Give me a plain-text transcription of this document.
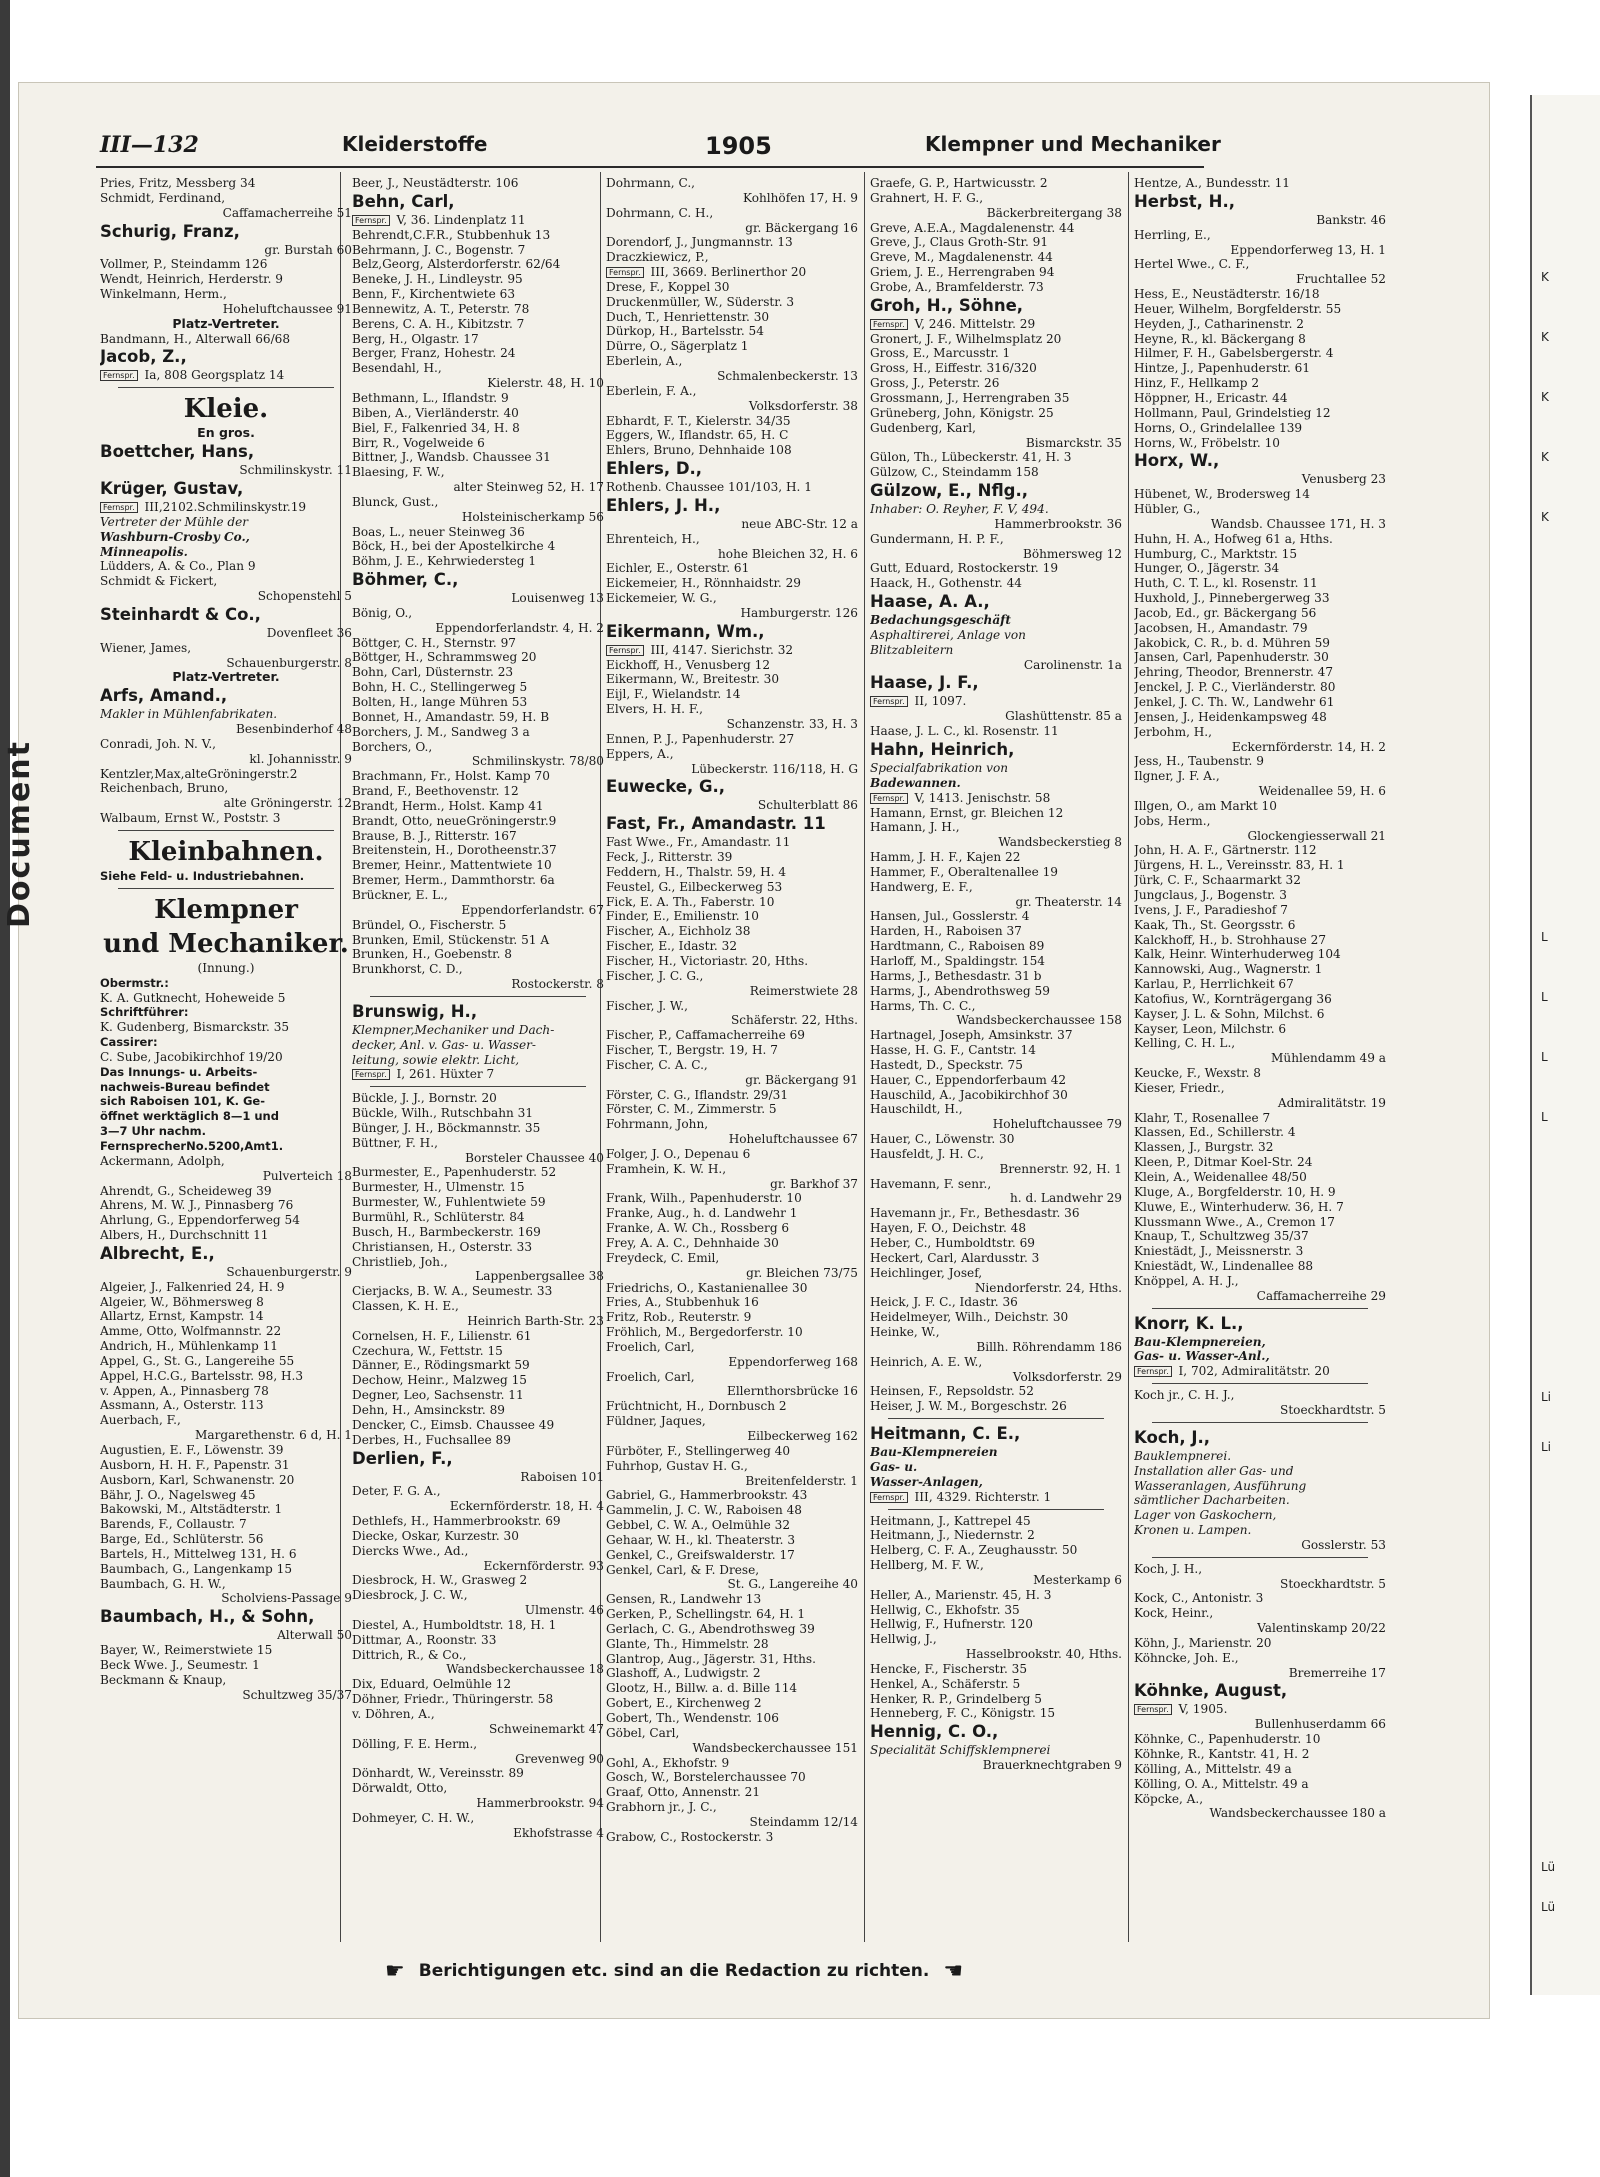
Document
III—132	Kleiderstoffe	1905	Klempner und Mechaniker
Pries, Fritz, Messberg 34
Schmidt, Ferdinand,
Caffamacherreihe 51
Schurig, Franz,
gr. Burstah 60
Vollmer, P., Steindamm 126
Wendt, Heinrich, Herderstr. 9
Winkelmann, Herm.,
Hoheluftchaussee 91
Platz-Vertreter.
Bandmann, H., Alterwall 66/68
Jacob, Z.,
Fernspr. Ia, 808 Georgsplatz 14
Kleie.
En gros.
Boettcher, Hans,
Schmilinskystr. 11
Krüger, Gustav,
Fernspr. III,2102.Schmilinskystr.19
Vertreter der Mühle der
Washburn-Crosby Co.,
Minneapolis.
Lüdders, A. & Co., Plan 9
Schmidt & Fickert,
Schopenstehl 5
Steinhardt & Co.,
Dovenfleet 36
Wiener, James,
Schauenburgerstr. 8
Platz-Vertreter.
Arfs, Amand.,
Makler in Mühlenfabrikaten.
Besenbinderhof 48
Conradi, Joh. N. V.,
kl. Johannisstr. 9
Kentzler,Max,alteGröningerstr.2
Reichenbach, Bruno,
alte Gröningerstr. 12
Walbaum, Ernst W., Poststr. 3
Kleinbahnen.
Siehe Feld- u. Industriebahnen.
Klempner
und Mechaniker.
(Innung.)
Obermstr.:
K. A. Gutknecht, Hoheweide 5
Schriftführer:
K. Gudenberg, Bismarckstr. 35
Cassirer:
C. Sube, Jacobikirchhof 19/20
Das Innungs- u. Arbeits-
nachweis-Bureau befindet
sich Raboisen 101, K. Ge-
öffnet werktäglich 8—1 und
3—7 Uhr nachm.
FernsprecherNo.5200,Amt1.
Ackermann, Adolph,
Pulverteich 18
Ahrendt, G., Scheideweg 39
Ahrens, M. W. J., Pinnasberg 76
Ahrlung, G., Eppendorferweg 54
Albers, H., Durchschnitt 11
Albrecht, E.,
Schauenburgerstr. 9
Algeier, J., Falkenried 24, H. 9
Algeier, W., Böhmersweg 8
Allartz, Ernst, Kampstr. 14
Amme, Otto, Wolfmannstr. 22
Andrich, H., Mühlenkamp 11
Appel, G., St. G., Langereihe 55
Appel, H.C.G., Bartelsstr. 98, H.3
v. Appen, A., Pinnasberg 78
Assmann, A., Osterstr. 113
Auerbach, F.,
Margarethenstr. 6 d, H. 1
Augustien, E. F., Löwenstr. 39
Ausborn, H. H. F., Papenstr. 31
Ausborn, Karl, Schwanenstr. 20
Bähr, J. O., Nagelsweg 45
Bakowski, M., Altstädterstr. 1
Barends, F., Collaustr. 7
Barge, Ed., Schlüterstr. 56
Bartels, H., Mittelweg 131, H. 6
Baumbach, G., Langenkamp 15
Baumbach, G. H. W.,
Scholviens-Passage 9
Baumbach, H., & Sohn,
Alterwall 50
Bayer, W., Reimerstwiete 15
Beck Wwe. J., Seumestr. 1
Beckmann & Knaup,
Schultzweg 35/37
Beer, J., Neustädterstr. 106
Behn, Carl,
Fernspr. V, 36. Lindenplatz 11
Behrendt,C.F.R., Stubbenhuk 13
Behrmann, J. C., Bogenstr. 7
Belz,Georg, Alsterdorferstr. 62/64
Beneke, J. H., Lindleystr. 95
Benn, F., Kirchentwiete 63
Bennewitz, A. T., Peterstr. 78
Berens, C. A. H., Kibitzstr. 7
Berg, H., Olgastr. 17
Berger, Franz, Hohestr. 24
Besendahl, H.,
Kielerstr. 48, H. 10
Bethmann, L., Iflandstr. 9
Biben, A., Vierländerstr. 40
Biel, F., Falkenried 34, H. 8
Birr, R., Vogelweide 6
Bittner, J., Wandsb. Chaussee 31
Blaesing, F. W.,
alter Steinweg 52, H. 17
Blunck, Gust.,
Holsteinischerkamp 56
Boas, L., neuer Steinweg 36
Böck, H., bei der Apostelkirche 4
Böhm, J. E., Kehrwiedersteg 1
Böhmer, C.,
Louisenweg 13
Bönig, O.,
Eppendorferlandstr. 4, H. 2
Böttger, C. H., Sternstr. 97
Böttger, H., Schrammsweg 20
Bohn, Carl, Düsternstr. 23
Bohn, H. C., Stellingerweg 5
Bolten, H., lange Mühren 53
Bonnet, H., Amandastr. 59, H. B
Borchers, J. M., Sandweg 3 a
Borchers, O.,
Schmilinskystr. 78/80
Brachmann, Fr., Holst. Kamp 70
Brand, F., Beethovenstr. 12
Brandt, Herm., Holst. Kamp 41
Brandt, Otto, neueGröningerstr.9
Brause, B. J., Ritterstr. 167
Breitenstein, H., Dorotheenstr.37
Bremer, Heinr., Mattentwiete 10
Bremer, Herm., Dammthorstr. 6a
Brückner, E. L.,
Eppendorferlandstr. 67
Bründel, O., Fischerstr. 5
Brunken, Emil, Stückenstr. 51 A
Brunken, H., Goebenstr. 8
Brunkhorst, C. D.,
Rostockerstr. 8
Brunswig, H.,
Klempner,Mechaniker und Dach-
decker, Anl. v. Gas- u. Wasser-
leitung, sowie elektr. Licht,
Fernspr. I, 261. Hüxter 7
Bückle, J. J., Bornstr. 20
Bückle, Wilh., Rutschbahn 31
Bünger, J. H., Böckmannstr. 35
Büttner, F. H.,
Borsteler Chaussee 40
Burmester, E., Papenhuderstr. 52
Burmester, H., Ulmenstr. 15
Burmester, W., Fuhlentwiete 59
Burmühl, R., Schlüterstr. 84
Busch, H., Barmbeckerstr. 169
Christiansen, H., Osterstr. 33
Christlieb, Joh.,
Lappenbergsallee 38
Cierjacks, B. W. A., Seumestr. 33
Classen, K. H. E.,
Heinrich Barth-Str. 23
Cornelsen, H. F., Lilienstr. 61
Czechura, W., Fettstr. 15
Dänner, E., Rödingsmarkt 59
Dechow, Heinr., Malzweg 15
Degner, Leo, Sachsenstr. 11
Dehn, H., Amsinckstr. 89
Dencker, C., Eimsb. Chaussee 49
Derbes, H., Fuchsallee 89
Derlien, F.,
Raboisen 101
Deter, F. G. A.,
Eckernförderstr. 18, H. 4
Dethlefs, H., Hammerbrookstr. 69
Diecke, Oskar, Kurzestr. 30
Diercks Wwe., Ad.,
Eckernförderstr. 93
Diesbrock, H. W., Grasweg 2
Diesbrock, J. C. W.,
Ulmenstr. 46
Diestel, A., Humboldtstr. 18, H. 1
Dittmar, A., Roonstr. 33
Dittrich, R., & Co.,
Wandsbeckerchaussee 18
Dix, Eduard, Oelmühle 12
Döhner, Friedr., Thüringerstr. 58
v. Döhren, A.,
Schweinemarkt 47
Dölling, F. E. Herm.,
Grevenweg 90
Dönhardt, W., Vereinsstr. 89
Dörwaldt, Otto,
Hammerbrookstr. 94
Dohmeyer, C. H. W.,
Ekhofstrasse 4
Dohrmann, C.,
Kohlhöfen 17, H. 9
Dohrmann, C. H.,
gr. Bäckergang 16
Dorendorf, J., Jungmannstr. 13
Draczkiewicz, P.,
Fernspr. III, 3669. Berlinerthor 20
Drese, F., Koppel 30
Druckenmüller, W., Süderstr. 3
Duch, T., Henriettenstr. 30
Dürkop, H., Bartelsstr. 54
Dürre, O., Sägerplatz 1
Eberlein, A.,
Schmalenbeckerstr. 13
Eberlein, F. A.,
Volksdorferstr. 38
Ebhardt, F. T., Kielerstr. 34/35
Eggers, W., Iflandstr. 65, H. C
Ehlers, Bruno, Dehnhaide 108
Ehlers, D.,
Rothenb. Chaussee 101/103, H. 1
Ehlers, J. H.,
neue ABC-Str. 12 a
Ehrenteich, H.,
hohe Bleichen 32, H. 6
Eichler, E., Osterstr. 61
Eickemeier, H., Rönnhaidstr. 29
Eickemeier, W. G.,
Hamburgerstr. 126
Eikermann, Wm.,
Fernspr. III, 4147. Sierichstr. 32
Eickhoff, H., Venusberg 12
Eikermann, W., Breitestr. 30
Eijl, F., Wielandstr. 14
Elvers, H. H. F.,
Schanzenstr. 33, H. 3
Ennen, P. J., Papenhuderstr. 27
Eppers, A.,
Lübeckerstr. 116/118, H. G
Euwecke, G.,
Schulterblatt 86
Fast, Fr., Amandastr. 11
Fast Wwe., Fr., Amandastr. 11
Feck, J., Ritterstr. 39
Feddern, H., Thalstr. 59, H. 4
Feustel, G., Eilbeckerweg 53
Fick, E. A. Th., Faberstr. 10
Finder, E., Emilienstr. 10
Fischer, A., Eichholz 38
Fischer, E., Idastr. 32
Fischer, H., Victoriastr. 20, Hths.
Fischer, J. C. G.,
Reimerstwiete 28
Fischer, J. W.,
Schäferstr. 22, Hths.
Fischer, P., Caffamacherreihe 69
Fischer, T., Bergstr. 19, H. 7
Fischer, C. A. C.,
gr. Bäckergang 91
Förster, C. G., Iflandstr. 29/31
Förster, C. M., Zimmerstr. 5
Fohrmann, John,
Hoheluftchaussee 67
Folger, J. O., Depenau 6
Framhein, K. W. H.,
gr. Barkhof 37
Frank, Wilh., Papenhuderstr. 10
Franke, Aug., h. d. Landwehr 1
Franke, A. W. Ch., Rossberg 6
Frey, A. A. C., Dehnhaide 30
Freydeck, C. Emil,
gr. Bleichen 73/75
Friedrichs, O., Kastanienallee 30
Fries, A., Stubbenhuk 16
Fritz, Rob., Reuterstr. 9
Fröhlich, M., Bergedorferstr. 10
Froelich, Carl,
Eppendorferweg 168
Froelich, Carl,
Ellernthorsbrücke 16
Früchtnicht, H., Dornbusch 2
Füldner, Jaques,
Eilbeckerweg 162
Fürböter, F., Stellingerweg 40
Fuhrhop, Gustav H. G.,
Breitenfelderstr. 1
Gabriel, G., Hammerbrookstr. 43
Gammelin, J. C. W., Raboisen 48
Gebbel, C. W. A., Oelmühle 32
Gehaar, W. H., kl. Theaterstr. 3
Genkel, C., Greifswalderstr. 17
Genkel, Carl, & F. Drese,
St. G., Langereihe 40
Gensen, R., Landwehr 13
Gerken, P., Schellingstr. 64, H. 1
Gerlach, C. G., Abendrothsweg 39
Glante, Th., Himmelstr. 28
Glantrop, Aug., Jägerstr. 31, Hths.
Glashoff, A., Ludwigstr. 2
Glootz, H., Billw. a. d. Bille 114
Gobert, E., Kirchenweg 2
Gobert, Th., Wendenstr. 106
Göbel, Carl,
Wandsbeckerchaussee 151
Gohl, A., Ekhofstr. 9
Gosch, W., Borstelerchaussee 70
Graaf, Otto, Annenstr. 21
Grabhorn jr., J. C.,
Steindamm 12/14
Grabow, C., Rostockerstr. 3
Graefe, G. P., Hartwicusstr. 2
Grahnert, H. F. G.,
Bäckerbreitergang 38
Greve, A.E.A., Magdalenenstr. 44
Greve, J., Claus Groth-Str. 91
Greve, M., Magdalenenstr. 44
Griem, J. E., Herrengraben 94
Grobe, A., Bramfelderstr. 73
Groh, H., Söhne,
Fernspr. V, 246. Mittelstr. 29
Gronert, J. F., Wilhelmsplatz 20
Gross, E., Marcusstr. 1
Gross, H., Eiffestr. 316/320
Gross, J., Peterstr. 26
Grossmann, J., Herrengraben 35
Grüneberg, John, Königstr. 25
Gudenberg, Karl,
Bismarckstr. 35
Gülon, Th., Lübeckerstr. 41, H. 3
Gülzow, C., Steindamm 158
Gülzow, E., Nflg.,
Inhaber: O. Reyher, F. V, 494.
Hammerbrookstr. 36
Gundermann, H. P. F.,
Böhmersweg 12
Gutt, Eduard, Rostockerstr. 19
Haack, H., Gothenstr. 44
Haase, A. A.,
Bedachungsgeschäft
Asphaltirerei, Anlage von
Blitzableitern
Carolinenstr. 1a
Haase, J. F.,
Fernspr. II, 1097.
Glashüttenstr. 85 a
Haase, J. L. C., kl. Rosenstr. 11
Hahn, Heinrich,
Specialfabrikation von
Badewannen.
Fernspr. V, 1413. Jenischstr. 58
Hamann, Ernst, gr. Bleichen 12
Hamann, J. H.,
Wandsbeckerstieg 8
Hamm, J. H. F., Kajen 22
Hammer, F., Oberaltenallee 19
Handwerg, E. F.,
gr. Theaterstr. 14
Hansen, Jul., Gosslerstr. 4
Harden, H., Raboisen 37
Hardtmann, C., Raboisen 89
Harloff, M., Spaldingstr. 154
Harms, J., Bethesdastr. 31 b
Harms, J., Abendrothsweg 59
Harms, Th. C. C.,
Wandsbeckerchaussee 158
Hartnagel, Joseph, Amsinkstr. 37
Hasse, H. G. F., Cantstr. 14
Hastedt, D., Speckstr. 75
Hauer, C., Eppendorferbaum 42
Hauschild, A., Jacobikirchhof 30
Hauschildt, H.,
Hoheluftchaussee 79
Hauer, C., Löwenstr. 30
Hausfeldt, J. H. C.,
Brennerstr. 92, H. 1
Havemann, F. senr.,
h. d. Landwehr 29
Havemann jr., Fr., Bethesdastr. 36
Hayen, F. O., Deichstr. 48
Heber, C., Humboldtstr. 69
Heckert, Carl, Alardusstr. 3
Heichlinger, Josef,
Niendorferstr. 24, Hths.
Heick, J. F. C., Idastr. 36
Heidelmeyer, Wilh., Deichstr. 30
Heinke, W.,
Billh. Röhrendamm 186
Heinrich, A. E. W.,
Volksdorferstr. 29
Heinsen, F., Repsoldstr. 52
Heiser, J. W. M., Borgeschstr. 26
Heitmann, C. E.,
Bau-Klempnereien
Gas- u.
Wasser-Anlagen,
Fernspr. III, 4329. Richterstr. 1
Heitmann, J., Kattrepel 45
Heitmann, J., Niedernstr. 2
Helberg, C. F. A., Zeughausstr. 50
Hellberg, M. F. W.,
Mesterkamp 6
Heller, A., Marienstr. 45, H. 3
Hellwig, C., Ekhofstr. 35
Hellwig, F., Hufnerstr. 120
Hellwig, J.,
Hasselbrookstr. 40, Hths.
Hencke, F., Fischerstr. 35
Henkel, A., Schäferstr. 5
Henker, R. P., Grindelberg 5
Henneberg, F. C., Königstr. 15
Hennig, C. O.,
Specialität Schiffsklempnerei
Brauerknechtgraben 9
Hentze, A., Bundesstr. 11
Herbst, H.,
Bankstr. 46
Herrling, E.,
Eppendorferweg 13, H. 1
Hertel Wwe., C. F.,
Fruchtallee 52
Hess, E., Neustädterstr. 16/18
Heuer, Wilhelm, Borgfelderstr. 55
Heyden, J., Catharinenstr. 2
Heyne, R., kl. Bäckergang 8
Hilmer, F. H., Gabelsbergerstr. 4
Hintze, J., Papenhuderstr. 61
Hinz, F., Hellkamp 2
Höppner, H., Ericastr. 44
Hollmann, Paul, Grindelstieg 12
Horns, O., Grindelallee 139
Horns, W., Fröbelstr. 10
Horx, W.,
Venusberg 23
Hübenet, W., Brodersweg 14
Hübler, G.,
Wandsb. Chaussee 171, H. 3
Huhn, H. A., Hofweg 61 a, Hths.
Humburg, C., Marktstr. 15
Hunger, O., Jägerstr. 34
Huth, C. T. L., kl. Rosenstr. 11
Huxhold, J., Pinnebergerweg 33
Jacob, Ed., gr. Bäckergang 56
Jacobsen, H., Amandastr. 79
Jakobick, C. R., b. d. Mühren 59
Jansen, Carl, Papenhuderstr. 30
Jehring, Theodor, Brennerstr. 47
Jenckel, J. P. C., Vierländerstr. 80
Jenkel, J. C. Th. W., Landwehr 61
Jensen, J., Heidenkampsweg 48
Jerbohm, H.,
Eckernförderstr. 14, H. 2
Jess, H., Taubenstr. 9
Ilgner, J. F. A.,
Weidenallee 59, H. 6
Illgen, O., am Markt 10
Jobs, Herm.,
Glockengiesserwall 21
John, H. A. F., Gärtnerstr. 112
Jürgens, H. L., Vereinsstr. 83, H. 1
Jürk, C. F., Schaarmarkt 32
Jungclaus, J., Bogenstr. 3
Ivens, J. F., Paradieshof 7
Kaak, Th., St. Georgsstr. 6
Kalckhoff, H., b. Strohhause 27
Kalk, Heinr. Winterhuderweg 104
Kannowski, Aug., Wagnerstr. 1
Karlau, P., Herrlichkeit 67
Katofius, W., Kornträgergang 36
Kayser, J. L. & Sohn, Milchst. 6
Kayser, Leon, Milchstr. 6
Kelling, C. H. L.,
Mühlendamm 49 a
Keucke, F., Wexstr. 8
Kieser, Friedr.,
Admiralitätstr. 19
Klahr, T., Rosenallee 7
Klassen, Ed., Schillerstr. 4
Klassen, J., Burgstr. 32
Kleen, P., Ditmar Koel-Str. 24
Klein, A., Weidenallee 48/50
Kluge, A., Borgfelderstr. 10, H. 9
Kluwe, E., Winterhuderw. 36, H. 7
Klussmann Wwe., A., Cremon 17
Knaup, T., Schultzweg 35/37
Kniestädt, J., Meissnerstr. 3
Kniestädt, W., Lindenallee 88
Knöppel, A. H. J.,
Caffamacherreihe 29
Knorr, K. L.,
Bau-Klempnereien,
Gas- u. Wasser-Anl.,
Fernspr. I, 702, Admiralitätstr. 20
Koch jr., C. H. J.,
Stoeckhardtstr. 5
Koch, J.,
Bauklempnerei.
Installation aller Gas- und
Wasseranlagen, Ausführung
sämtlicher Dacharbeiten.
Lager von Gaskochern,
Kronen u. Lampen.
Gosslerstr. 53
Koch, J. H.,
Stoeckhardtstr. 5
Kock, C., Antonistr. 3
Kock, Heinr.,
Valentinskamp 20/22
Köhn, J., Marienstr. 20
Köhncke, Joh. E.,
Bremerreihe 17
Köhnke, August,
Fernspr. V, 1905.
Bullenhuserdamm 66
Köhnke, C., Papenhuderstr. 10
Köhnke, R., Kantstr. 41, H. 2
Kölling, A., Mittelstr. 49 a
Kölling, O. A., Mittelstr. 49 a
Köpcke, A.,
Wandsbeckerchaussee 180 a
K
K
K
K
K
L
L
L
L
Li
Li
Lü
Lü
☛ Berichtigungen etc. sind an die Redaction zu richten. ☚
